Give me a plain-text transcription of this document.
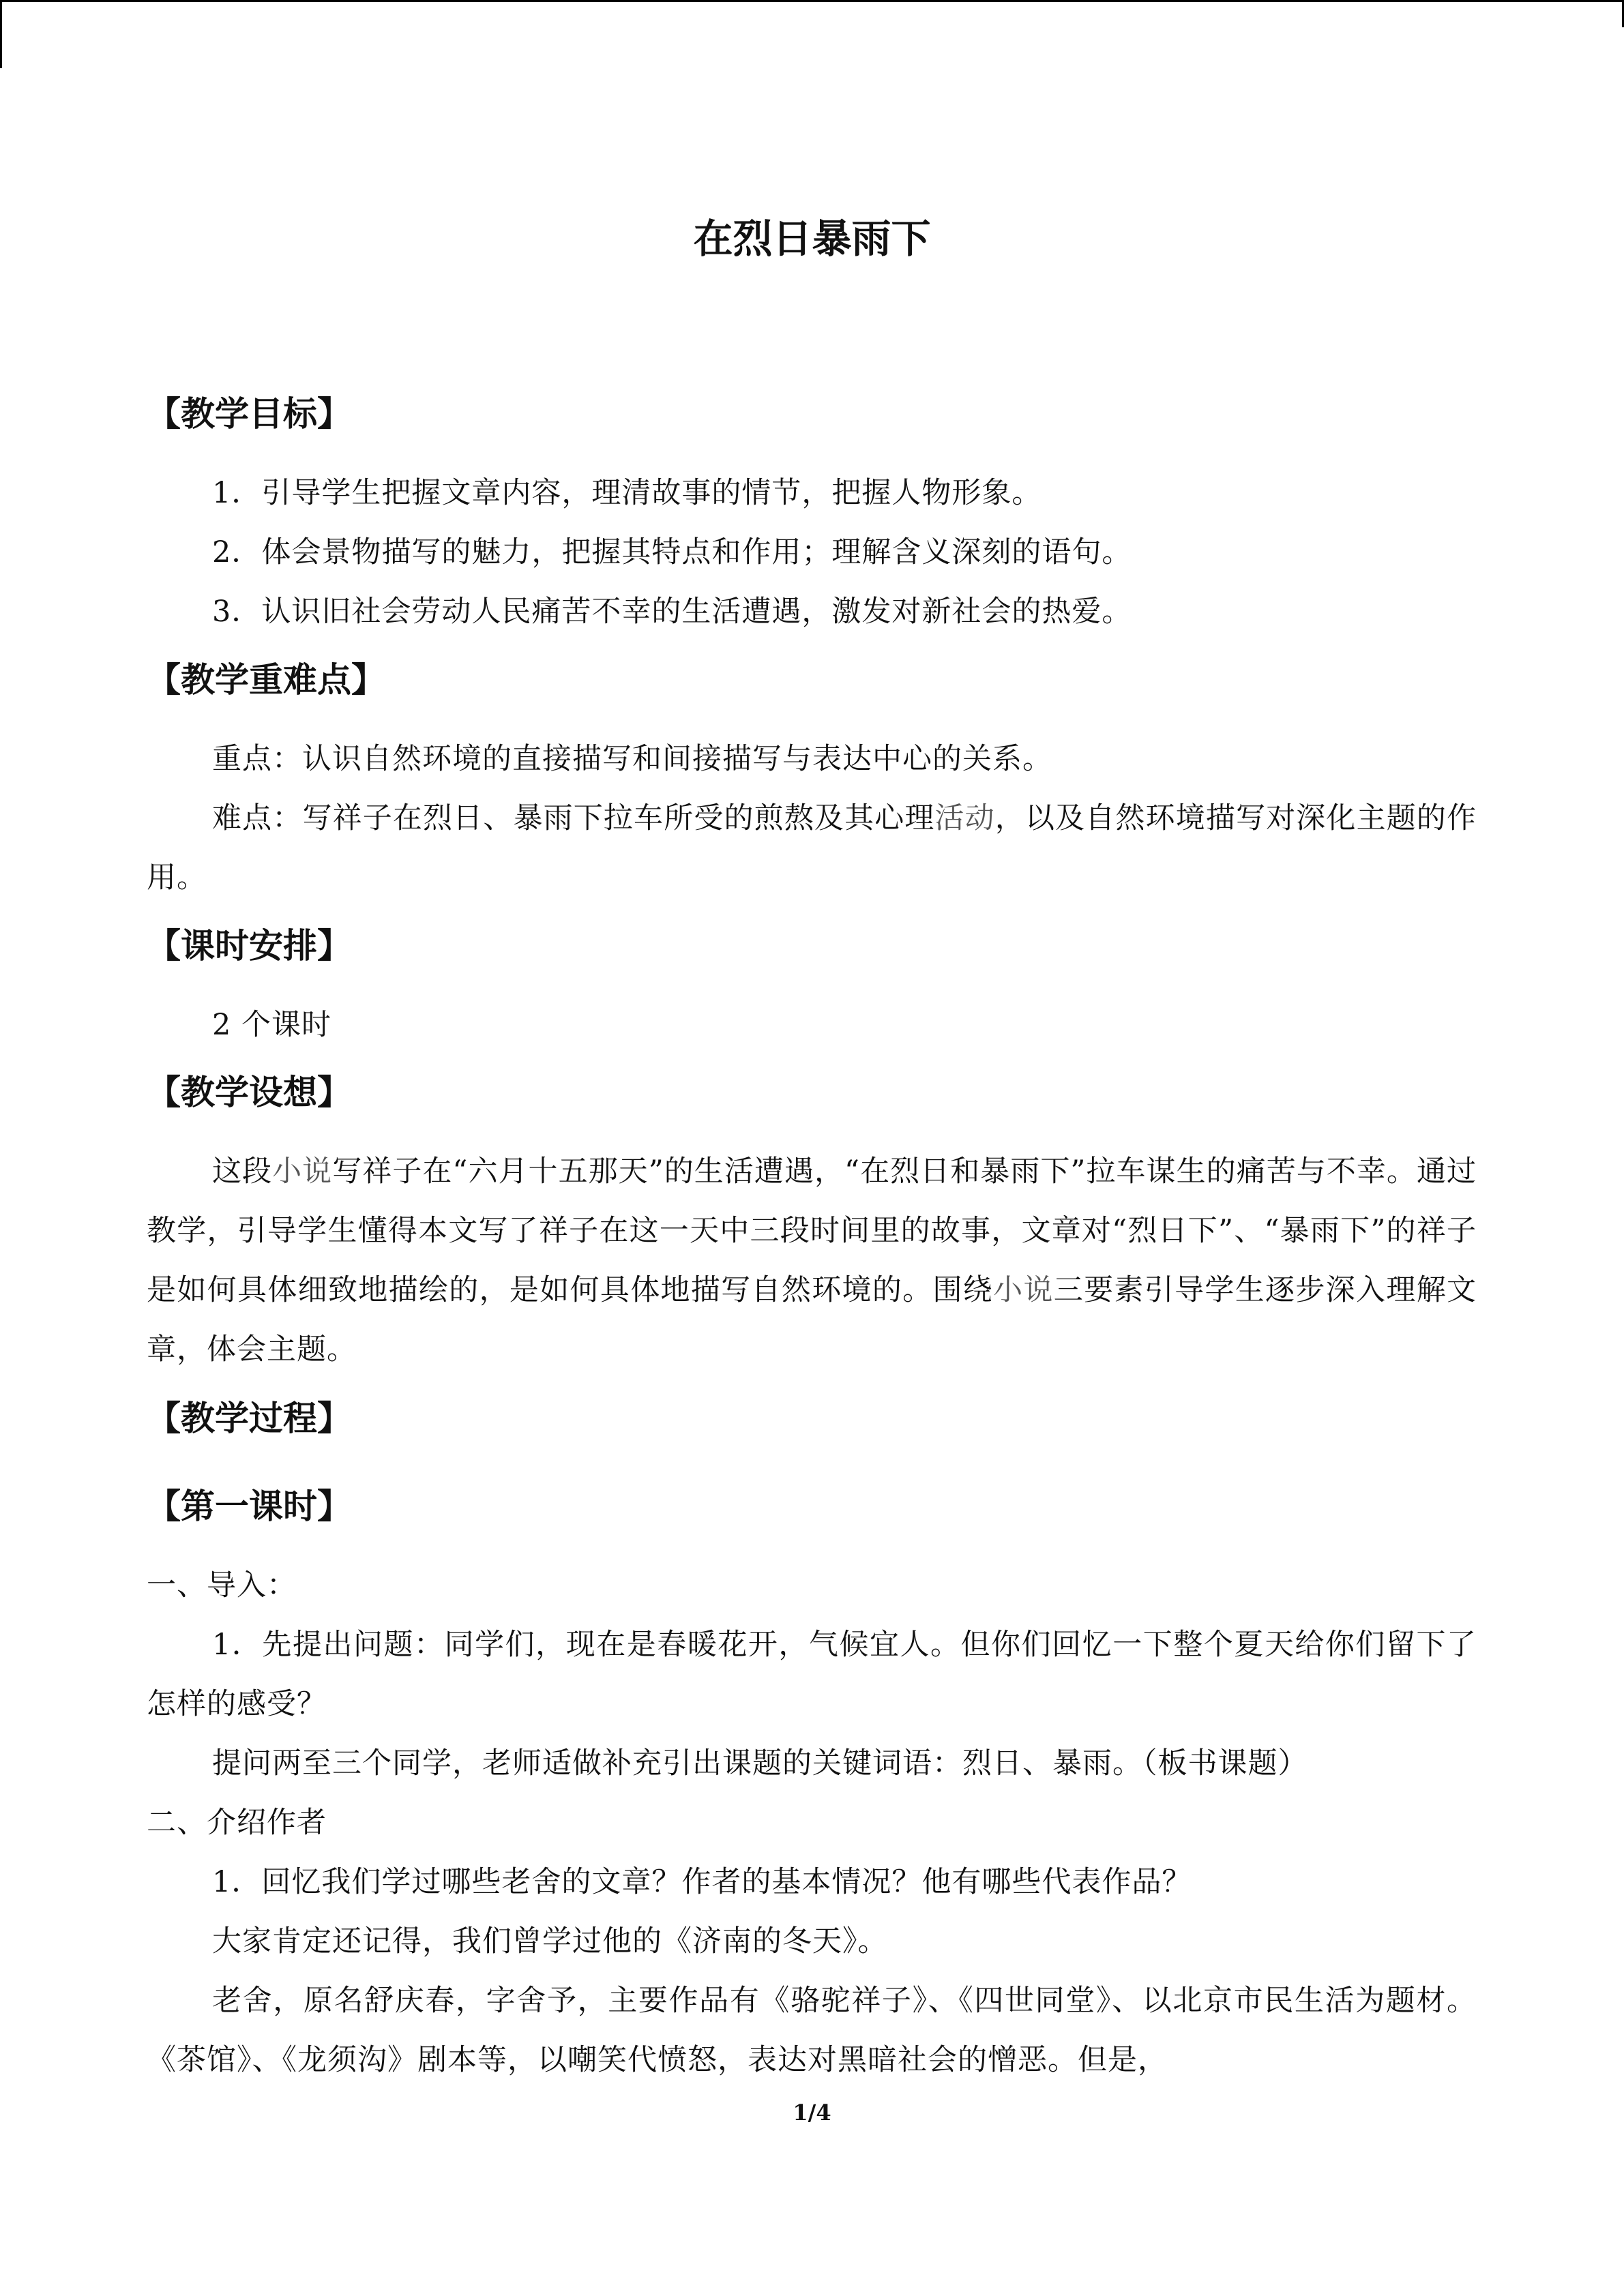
在烈日暴雨下
【教学目标】

1．引导学生把握文章内容，理清故事的情节，把握人物形象。

2．体会景物描写的魅力，把握其特点和作用；理解含义深刻的语句。

3．认识旧社会劳动人民痛苦不幸的生活遭遇，激发对新社会的热爱。

【教学重难点】

重点：认识自然环境的直接描写和间接描写与表达中心的关系。

难点：写祥子在烈日、暴雨下拉车所受的煎熬及其心理活动，以及自然环境描写对深化主题的作用。

【课时安排】

2 个课时

【教学设想】

这段小说写祥子在“六月十五那天”的生活遭遇，“在烈日和暴雨下”拉车谋生的痛苦与不幸。通过教学，引导学生懂得本文写了祥子在这一天中三段时间里的故事，文章对“烈日下”、“暴雨下”的祥子是如何具体细致地描绘的，是如何具体地描写自然环境的。围绕小说三要素引导学生逐步深入理解文章，体会主题。

【教学过程】
【第一课时】

一、导入：

1．先提出问题：同学们，现在是春暖花开，气候宜人。但你们回忆一下整个夏天给你们留下了怎样的感受？

提问两至三个同学，老师适做补充引出课题的关键词语：烈日、暴雨。（板书课题）

二、介绍作者

1．回忆我们学过哪些老舍的文章？作者的基本情况？他有哪些代表作品？

大家肯定还记得，我们曾学过他的《济南的冬天》。

老舍，原名舒庆春，字舍予，主要作品有《骆驼祥子》、《四世同堂》、以北京市民生活为题材。《茶馆》、《龙须沟》剧本等，以嘲笑代愤怒，表达对黑暗社会的憎恶。但是，

1/4
